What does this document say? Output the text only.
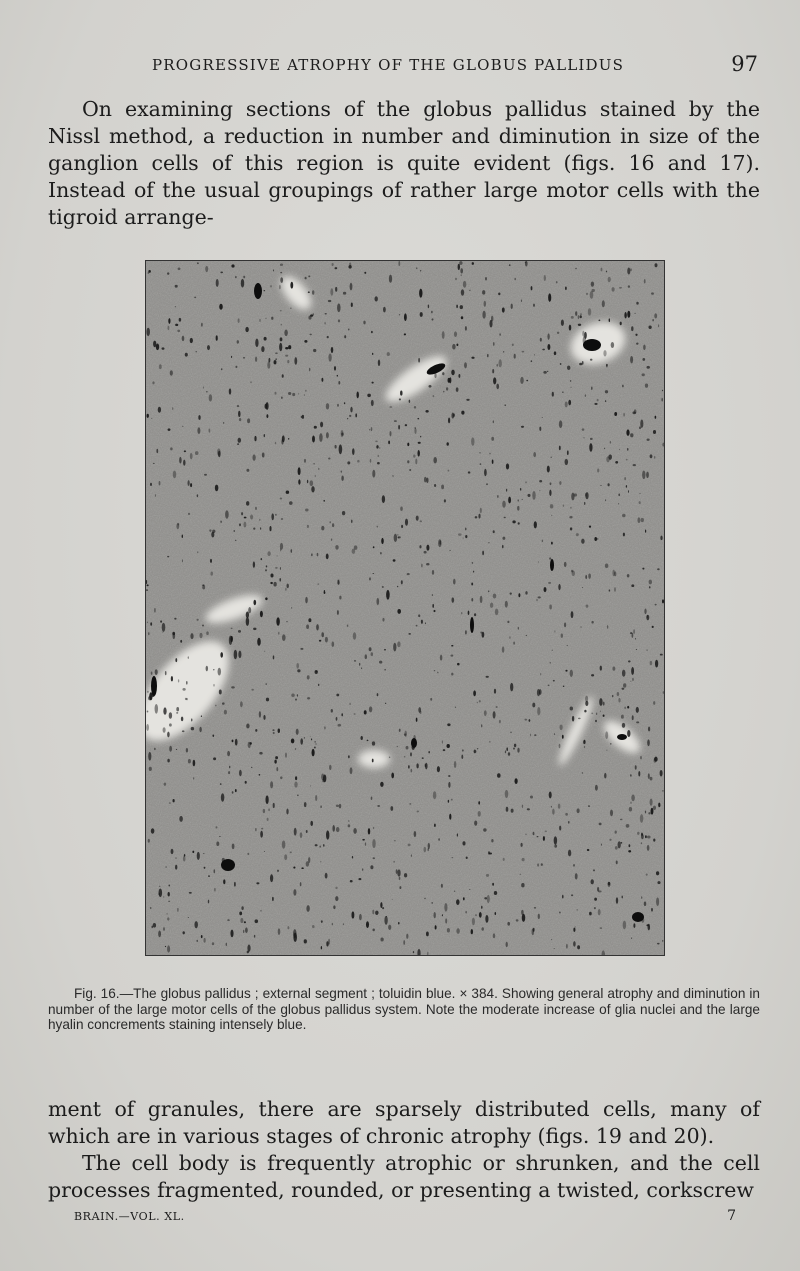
PROGRESSIVE ATROPHY OF THE GLOBUS PALLIDUS	97

On examining sections of the globus pallidus stained by the Nissl method, a reduction in number and diminution in size of the ganglion cells of this region is quite evident (figs. 16 and 17). Instead of the usual groupings of rather large motor cells with the tigroid arrange-

Fig. 16.—The globus pallidus ; external segment ; toluidin blue. × 384. Showing general atrophy and diminution in number of the large motor cells of the globus pallidus system. Note the moderate increase of glia nuclei and the large hyalin concrements staining intensely blue.

ment of granules, there are sparsely distributed cells, many of which are in various stages of chronic atrophy (figs. 19 and 20).

The cell body is frequently atrophic or shrunken, and the cell processes fragmented, rounded, or presenting a twisted, corkscrew

BRAIN.—VOL. XL.	7
